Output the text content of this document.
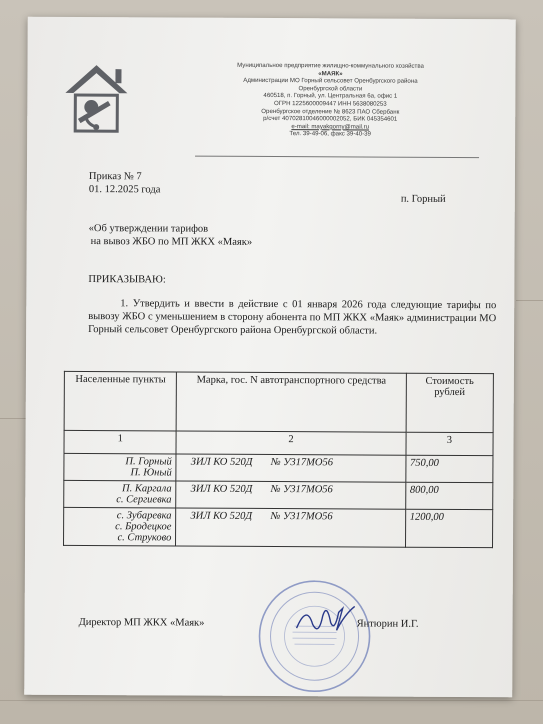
Муниципальное предприятие жилищно-коммунального хозяйства
«МАЯК»
Администрации МО Горный сельсовет Оренбургского района
Оренбургской области
460518, п. Горный, ул. Центральная 6а, офис 1
ОГРН 1225600009447 ИНН 5638080253
Оренбургское отделение № 8623 ПАО Сбербанк
р/счет 40702810046000002052, БИК 045354601
e-mail: mayakgorny@mail.ru
Тел. 39-49-06, факс 39-40-39
Приказ № 7
01. 12.2025 года
п. Горный
«Об утверждении тарифов
на вывоз ЖБО по МП ЖКХ «Маяк»
ПРИКАЗЫВАЮ:
1. Утвердить и ввести в действие с 01 января 2026 года следующие тарифы по вывозу ЖБО с уменьшением в сторону абонента по МП ЖКХ «Маяк» администрации МО Горный сельсовет Оренбургского района Оренбургской области.
Населенные пункты	Марка, гос. N автотранспортного средства	Стоимость рублей
1	2	3

П. Горный
П. Юный	ЗИЛ КО 520Д       № У317МО56	750,00

П. Каргала
с. Сергиевка	ЗИЛ КО 520Д       № У317МО56	800,00

с. Зубаревка
с. Бродецкое
с. Струково	ЗИЛ КО 520Д       № У317МО56	1200,00
Директор МП ЖКХ «Маяк»	Янтюрин И.Г.
